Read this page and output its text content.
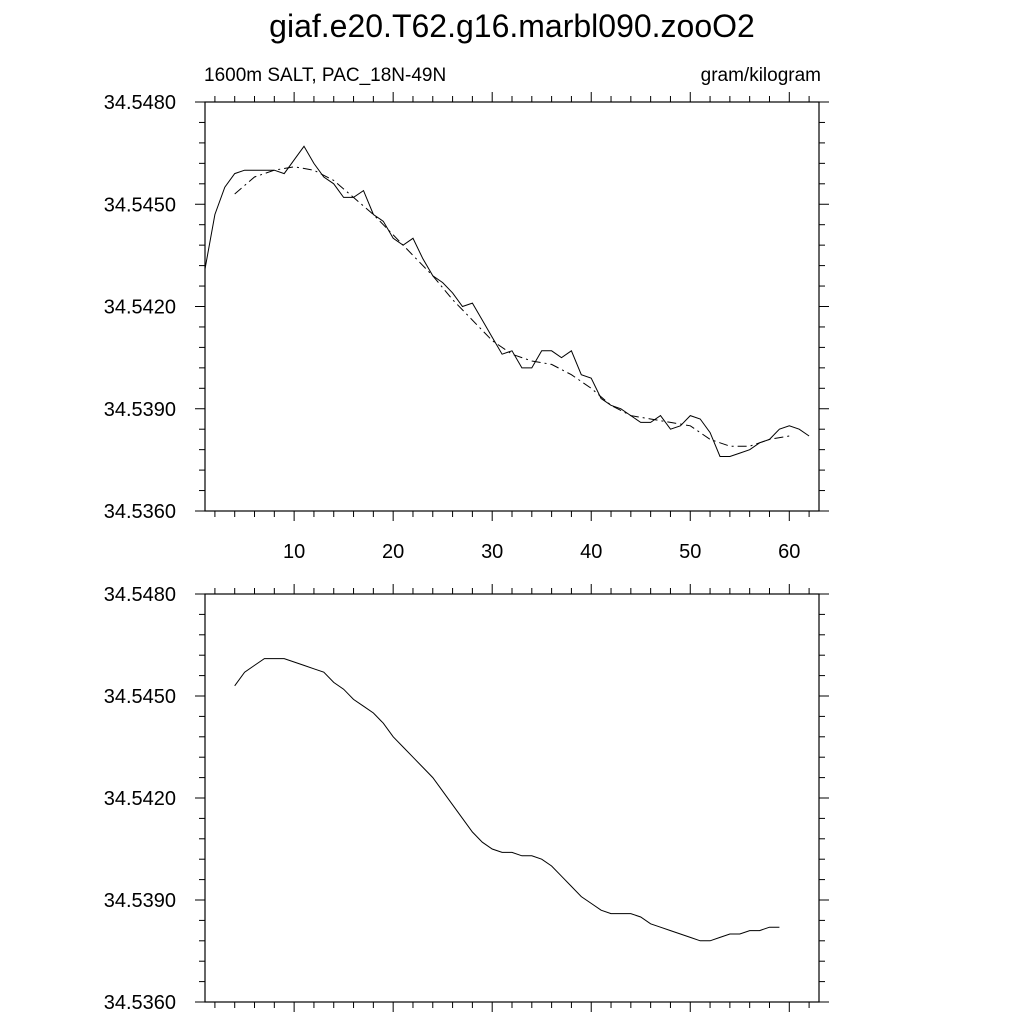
giaf.e20.T62.g16.marbl090.zooO2
1600m SALT, PAC_18N-49N	gram/kilogram
34.5480
34.5450
34.5420
34.5390
34.5360
10	20	30	40	50	60
34.5480
34.5450
34.5420
34.5390
34.5360
